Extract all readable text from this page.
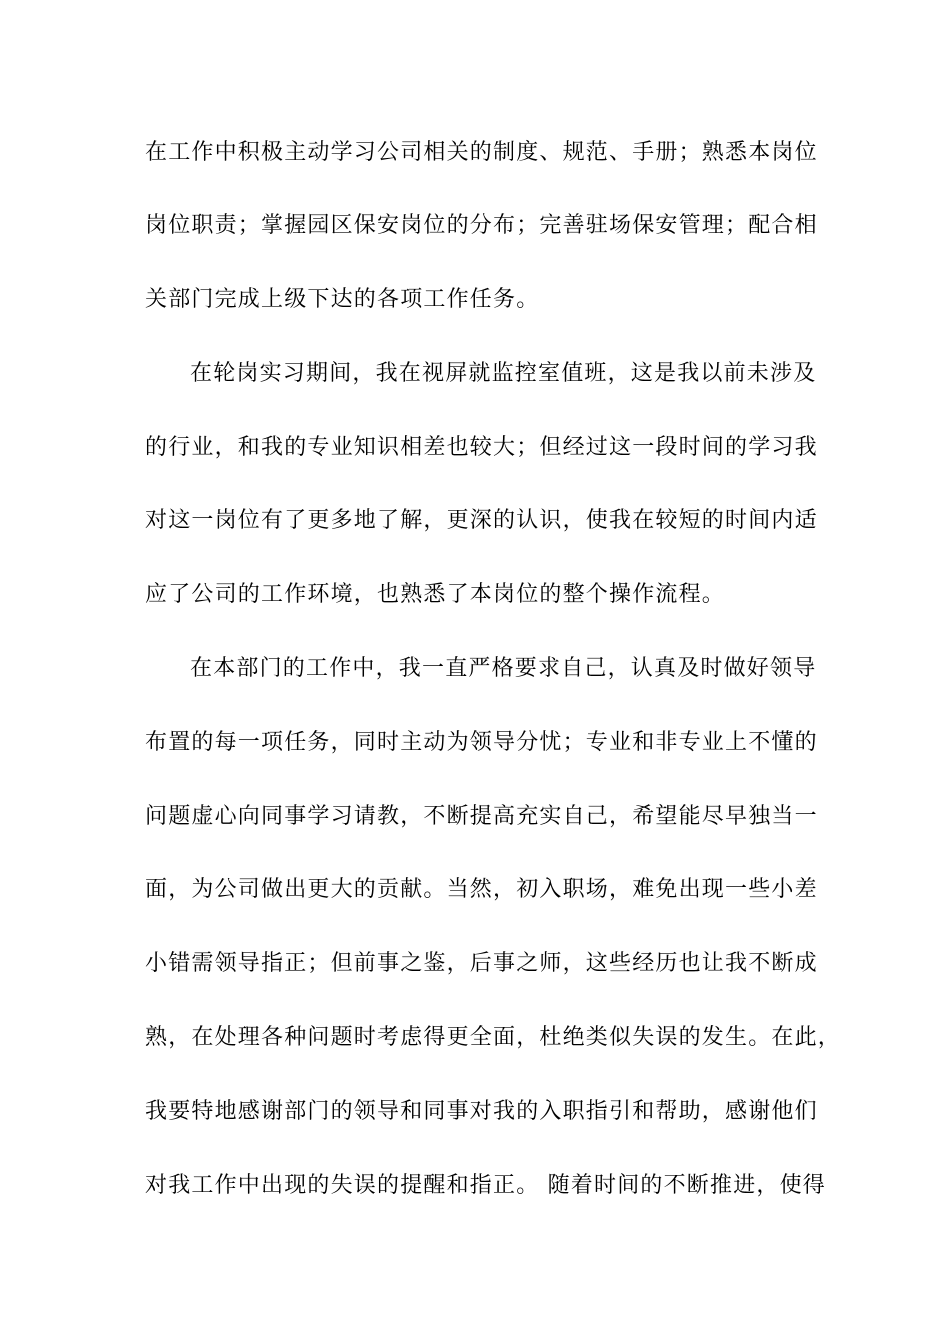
在工作中积极主动学习公司相关的制度、规范、手册；熟悉本岗位
岗位职责；掌握园区保安岗位的分布；完善驻场保安管理；配合相
关部门完成上级下达的各项工作任务。
在轮岗实习期间，我在视屏就监控室值班，这是我以前未涉及
的行业，和我的专业知识相差也较大；但经过这一段时间的学习我
对这一岗位有了更多地了解，更深的认识，使我在较短的时间内适
应了公司的工作环境，也熟悉了本岗位的整个操作流程。
在本部门的工作中，我一直严格要求自己，认真及时做好领导
布置的每一项任务，同时主动为领导分忧；专业和非专业上不懂的
问题虚心向同事学习请教，不断提高充实自己，希望能尽早独当一
面，为公司做出更大的贡献。当然，初入职场，难免出现一些小差
小错需领导指正；但前事之鉴，后事之师，这些经历也让我不断成
熟，在处理各种问题时考虑得更全面，杜绝类似失误的发生。在此，
我要特地感谢部门的领导和同事对我的入职指引和帮助，感谢他们
对我工作中出现的失误的提醒和指正。 随着时间的不断推进，使得
